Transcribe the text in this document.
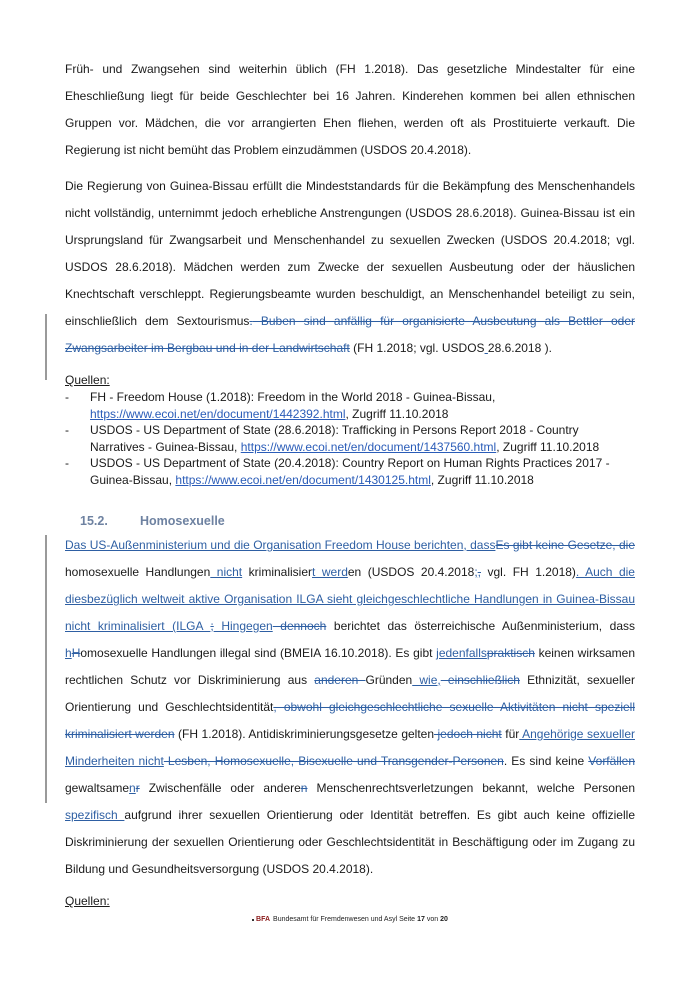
Früh- und Zwangsehen sind weiterhin üblich (FH 1.2018). Das gesetzliche Mindestalter für eine Eheschließung liegt für beide Geschlechter bei 16 Jahren. Kinderehen kommen bei allen ethnischen Gruppen vor. Mädchen, die vor arrangierten Ehen fliehen, werden oft als Prostituierte verkauft. Die Regierung ist nicht bemüht das Problem einzudämmen (USDOS 20.4.2018).

Die Regierung von Guinea-Bissau erfüllt die Mindeststandards für die Bekämpfung des Menschenhandels nicht vollständig, unternimmt jedoch erhebliche Anstrengungen (USDOS 28.6.2018). Guinea-Bissau ist ein Ursprungsland für Zwangsarbeit und Menschenhandel zu sexuellen Zwecken (USDOS 20.4.2018; vgl. USDOS 28.6.2018). Mädchen werden zum Zwecke der sexuellen Ausbeutung oder der häuslichen Knechtschaft verschleppt. Regierungsbeamte wurden beschuldigt, an Menschenhandel beteiligt zu sein, einschließlich dem Sextourismus. Buben sind anfällig für organisierte Ausbeutung als Bettler oder Zwangsarbeiter im Bergbau und in der Landwirtschaft (FH 1.2018; vgl. USDOS 28.6.2018 ).

Quellen:
-	FH - Freedom House (1.2018): Freedom in the World 2018 - Guinea-Bissau, https://www.ecoi.net/en/document/1442392.html, Zugriff 11.10.2018
-	USDOS - US Department of State (28.6.2018): Trafficking in Persons Report 2018 - Country Narratives - Guinea-Bissau, https://www.ecoi.net/en/document/1437560.html, Zugriff 11.10.2018
-	USDOS - US Department of State (20.4.2018): Country Report on Human Rights Practices 2017 - Guinea-Bissau, https://www.ecoi.net/en/document/1430125.html, Zugriff 11.10.2018
15.2.	Homosexuelle

Das US-Außenministerium und die Organisation Freedom House berichten, dassEs gibt keine Gesetze, die homosexuelle Handlungen nicht kriminalisiert werden (USDOS 20.4.2018;, vgl. FH 1.2018). Auch die diesbezüglich weltweit aktive Organisation ILGA sieht gleichgeschlechtliche Handlungen in Guinea-Bissau nicht kriminalisiert (ILGA ; Hingegen dennoch berichtet das österreichische Außenministerium, dass hHomosexuelle Handlungen illegal sind (BMEIA 16.10.2018). Es gibt jedenfallspraktisch keinen wirksamen rechtlichen Schutz vor Diskriminierung aus anderen Gründen wie, einschließlich Ethnizität, sexueller Orientierung und Geschlechtsidentität, obwohl gleichgeschlechtliche sexuelle Aktivitäten nicht speziell kriminalisiert werden (FH 1.2018). Antidiskriminierungsgesetze gelten jedoch nicht für Angehörige sexueller Minderheiten nicht Lesben, Homosexuelle, Bisexuelle und Transgender-Personen. Es sind keine Vorfällen gewaltsamenr Zwischenfälle oder anderen Menschenrechtsverletzungen bekannt, welche Personen spezifisch aufgrund ihrer sexuellen Orientierung oder Identität betreffen. Es gibt auch keine offizielle Diskriminierung der sexuellen Orientierung oder Geschlechtsidentität in Beschäftigung oder im Zugang zu Bildung und Gesundheitsversorgung (USDOS 20.4.2018).

Quellen:
BFA Bundesamt für Fremdenwesen und Asyl Seite 17 von 20
